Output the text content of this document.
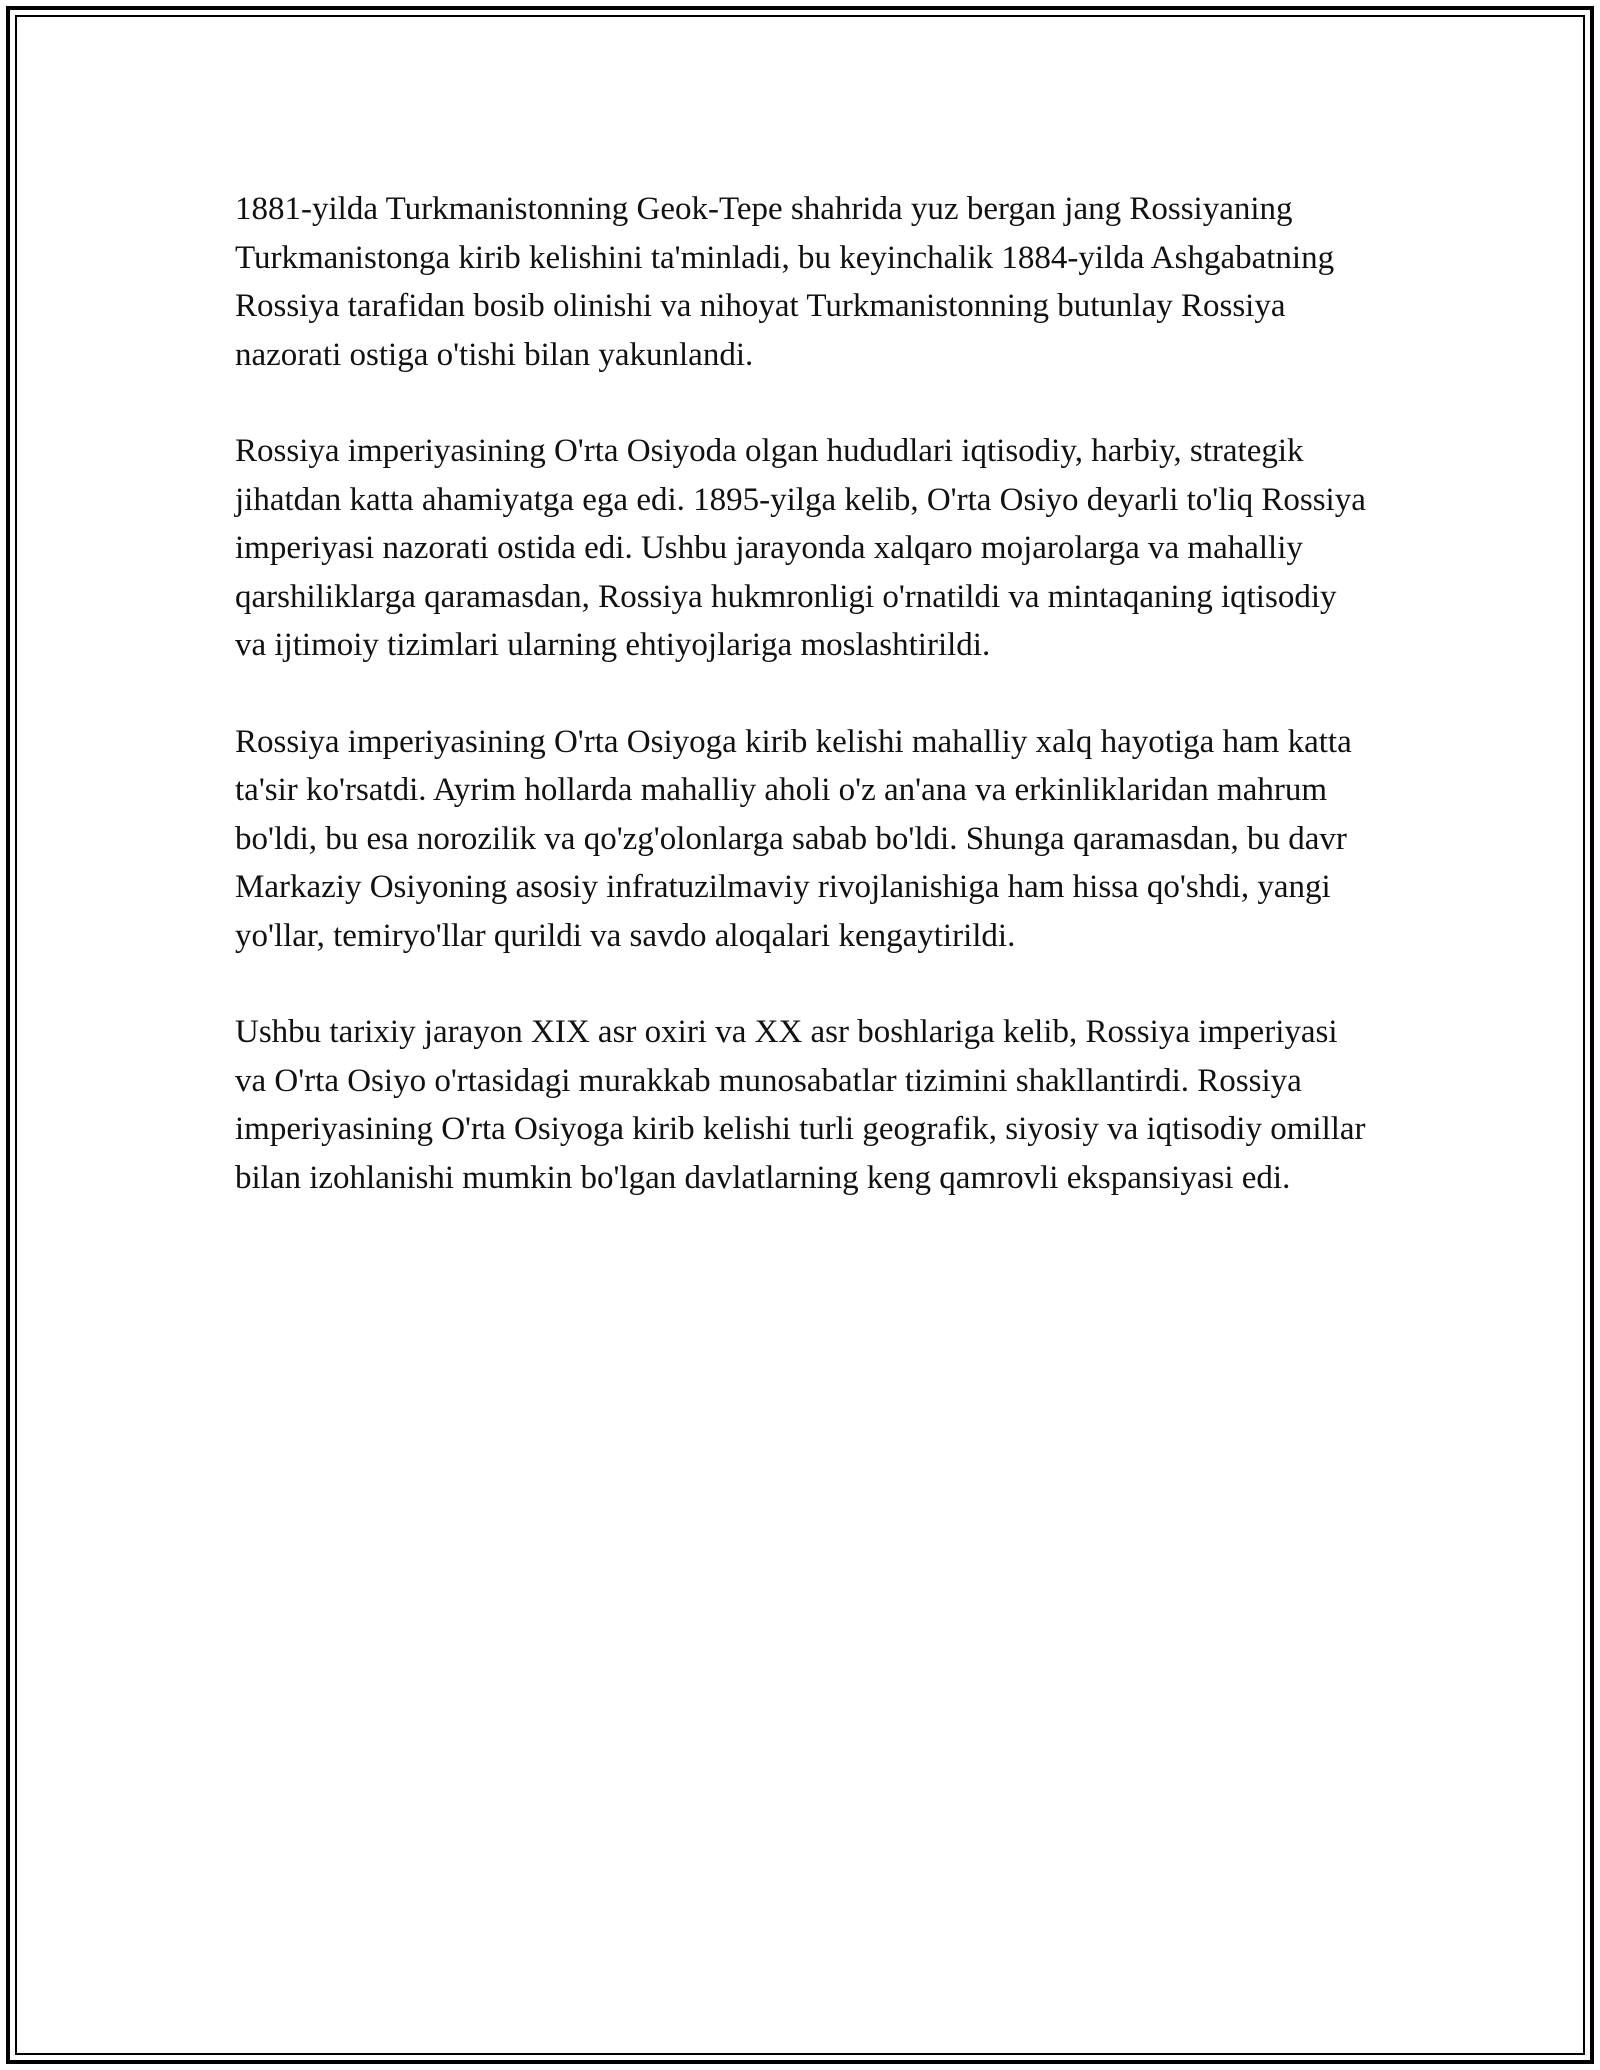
1881-yilda Turkmanistonning Geok-Tepe shahrida yuz bergan jang Rossiyaning Turkmanistonga kirib kelishini ta'minladi, bu keyinchalik 1884-yilda Ashgabatning Rossiya tarafidan bosib olinishi va nihoyat Turkmanistonning butunlay Rossiya nazorati ostiga o'tishi bilan yakunlandi.

Rossiya imperiyasining O'rta Osiyoda olgan hududlari iqtisodiy, harbiy, strategik jihatdan katta ahamiyatga ega edi. 1895-yilga kelib, O'rta Osiyo deyarli to'liq Rossiya imperiyasi nazorati ostida edi. Ushbu jarayonda xalqaro mojarolarga va mahalliy qarshiliklarga qaramasdan, Rossiya hukmronligi o'rnatildi va mintaqaning iqtisodiy va ijtimoiy tizimlari ularning ehtiyojlariga moslashtirildi.

Rossiya imperiyasining O'rta Osiyoga kirib kelishi mahalliy xalq hayotiga ham katta ta'sir ko'rsatdi. Ayrim hollarda mahalliy aholi o'z an'ana va erkinliklaridan mahrum bo'ldi, bu esa norozilik va qo'zg'olonlarga sabab bo'ldi. Shunga qaramasdan, bu davr Markaziy Osiyoning asosiy infratuzilmaviy rivojlanishiga ham hissa qo'shdi, yangi yo'llar, temiryo'llar qurildi va savdo aloqalari kengaytirildi.

Ushbu tarixiy jarayon XIX asr oxiri va XX asr boshlariga kelib, Rossiya imperiyasi va O'rta Osiyo o'rtasidagi murakkab munosabatlar tizimini shakllantirdi. Rossiya imperiyasining O'rta Osiyoga kirib kelishi turli geografik, siyosiy va iqtisodiy omillar bilan izohlanishi mumkin bo'lgan davlatlarning keng qamrovli ekspansiyasi edi.
